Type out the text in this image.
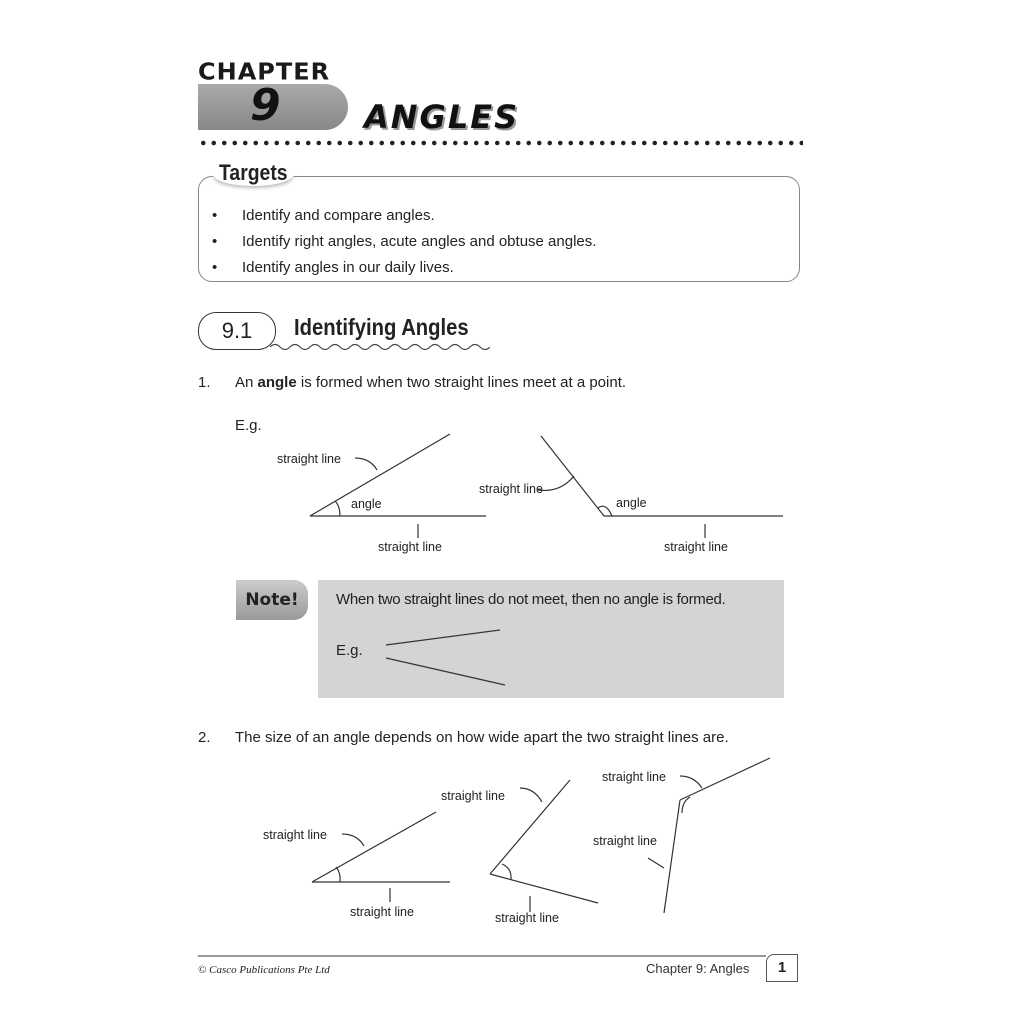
CHAPTER
9	ANGLES
Targets
• Identify and compare angles.
• Identify right angles, acute angles and obtuse angles.
• Identify angles in our daily lives.
9.1	Identifying Angles
1. An angle is formed when two straight lines meet at a point.
E.g.
straight line
angle
straight line
straight line
angle
straight line
When two straight lines do not meet, then no angle is formed.
E.g.
Note!
2. The size of an angle depends on how wide apart the two straight lines are.
straight line
straight line
straight line	straight line
straight line
straight line
© Casco Publications Pte Ltd	Chapter 9: Angles	1
